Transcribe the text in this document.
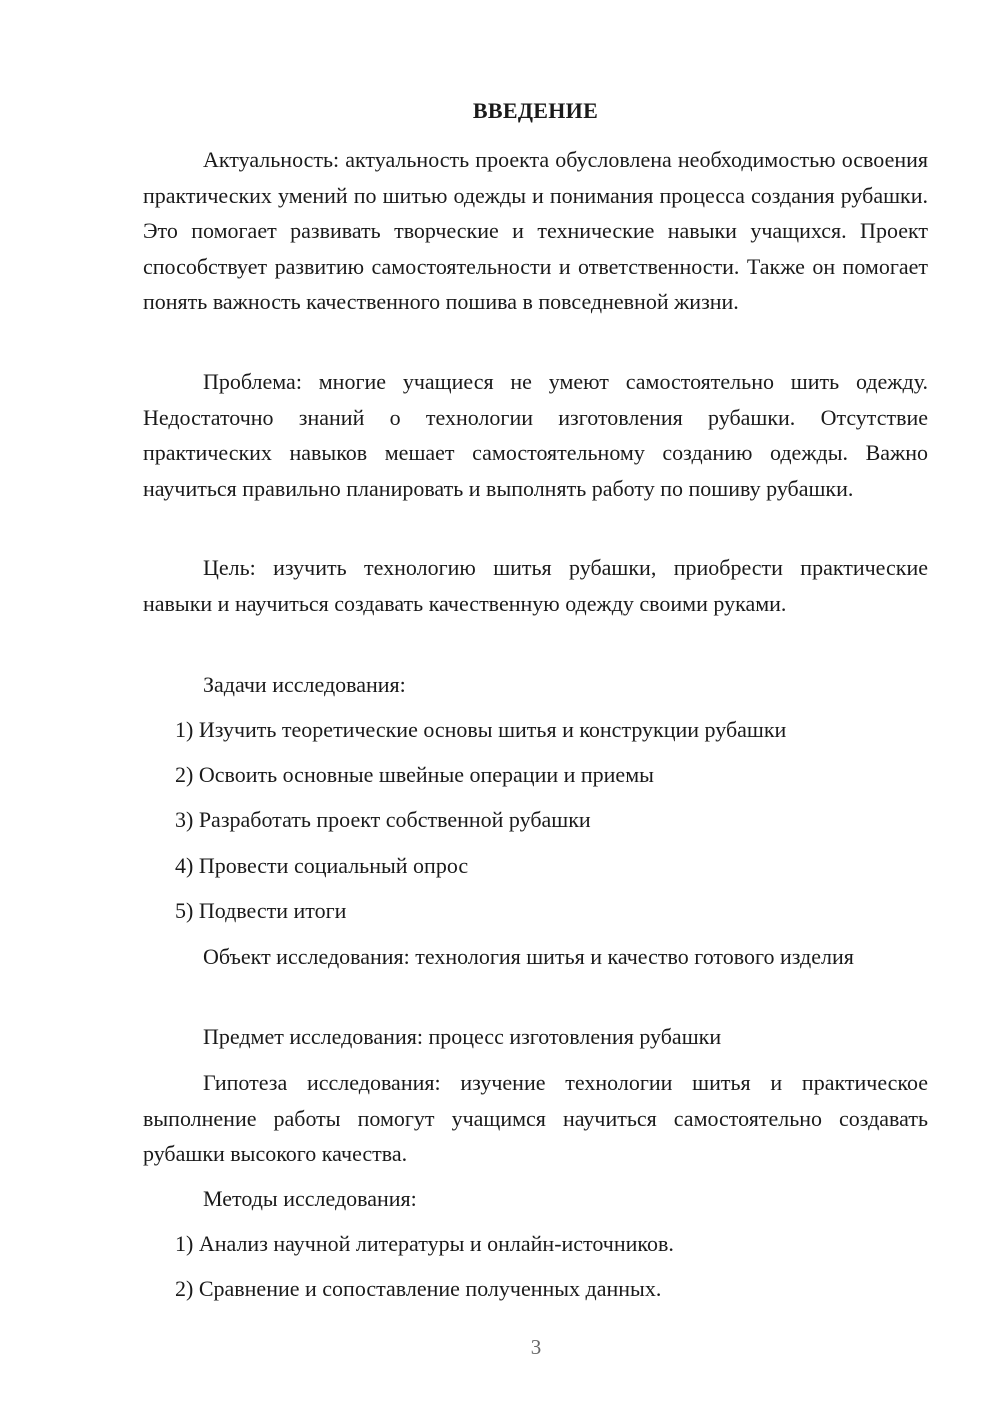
ВВЕДЕНИЕ

Актуальность: актуальность проекта обусловлена необходимостью освоения практических умений по шитью одежды и понимания процесса создания рубашки. Это помогает развивать творческие и технические навыки учащихся. Проект способствует развитию самостоятельности и ответственности. Также он помогает понять важность качественного пошива в повседневной жизни.

Проблема: многие учащиеся не умеют самостоятельно шить одежду. Недостаточно знаний о технологии изготовления рубашки. Отсутствие практических навыков мешает самостоятельному созданию одежды. Важно научиться правильно планировать и выполнять работу по пошиву рубашки.

Цель: изучить технологию шитья рубашки, приобрести практические навыки и научиться создавать качественную одежду своими руками.

Задачи исследования:

1) Изучить теоретические основы шитья и конструкции рубашки

2) Освоить основные швейные операции и приемы

3) Разработать проект собственной рубашки

4) Провести социальный опрос

5) Подвести итоги

Объект исследования: технология шитья и качество готового изделия

Предмет исследования: процесс изготовления рубашки

Гипотеза исследования: изучение технологии шитья и практическое выполнение работы помогут учащимся научиться самостоятельно создавать рубашки высокого качества.

Методы исследования:

1) Анализ научной литературы и онлайн-источников.

2) Сравнение и сопоставление полученных данных.

3
